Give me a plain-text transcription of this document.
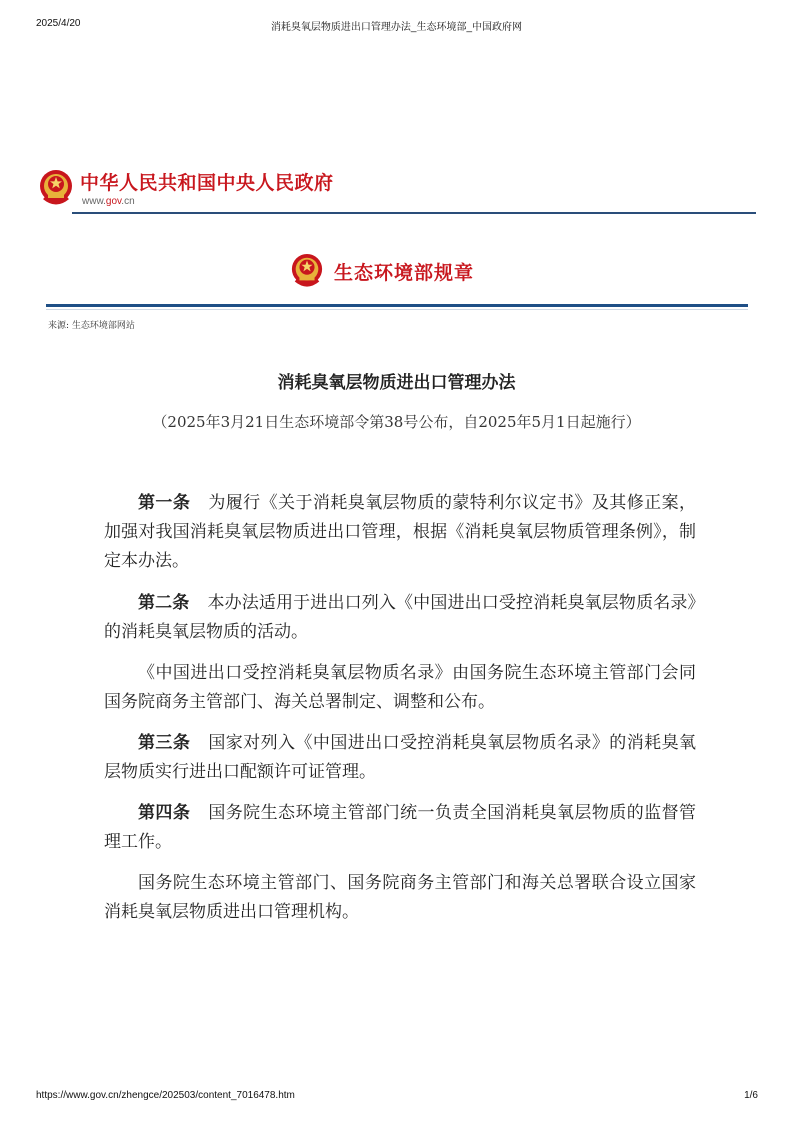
2025/4/20	消耗臭氧层物质进出口管理办法_生态环境部_中国政府网
中华人民共和国中央人民政府
www.gov.cn
生态环境部规章
来源: 生态环境部网站
消耗臭氧层物质进出口管理办法
（2025年3月21日生态环境部令第38号公布，自2025年5月1日起施行）

第一条 为履行《关于消耗臭氧层物质的蒙特利尔议定书》及其修正案，加强对我国消耗臭氧层物质进出口管理，根据《消耗臭氧层物质管理条例》，制定本办法。

第二条 本办法适用于进出口列入《中国进出口受控消耗臭氧层物质名录》的消耗臭氧层物质的活动。

《中国进出口受控消耗臭氧层物质名录》由国务院生态环境主管部门会同国务院商务主管部门、海关总署制定、调整和公布。

第三条 国家对列入《中国进出口受控消耗臭氧层物质名录》的消耗臭氧层物质实行进出口配额许可证管理。

第四条 国务院生态环境主管部门统一负责全国消耗臭氧层物质的监督管理工作。

国务院生态环境主管部门、国务院商务主管部门和海关总署联合设立国家消耗臭氧层物质进出口管理机构。

https://www.gov.cn/zhengce/202503/content_7016478.htm	1/6
